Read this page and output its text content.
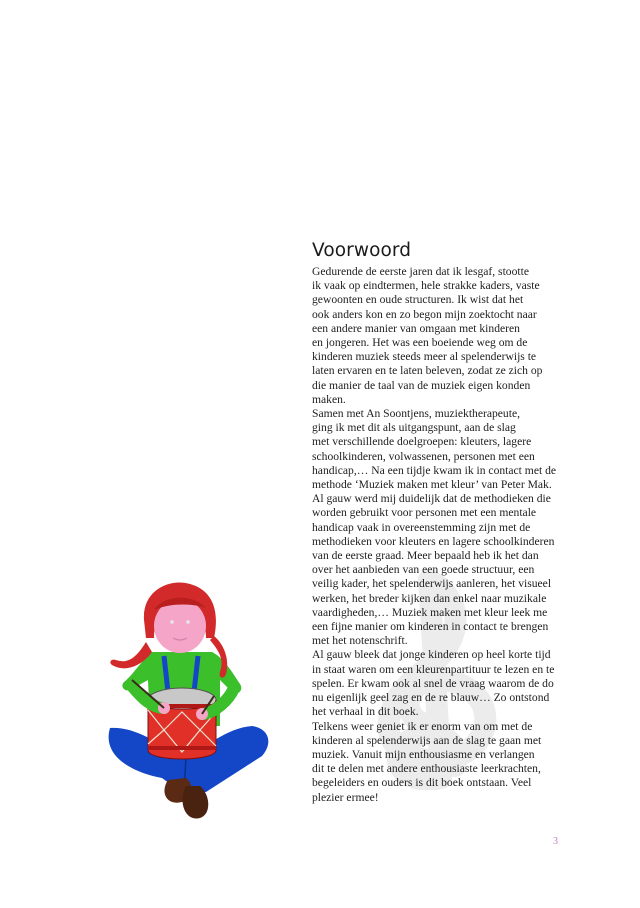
Voorwoord
Gedurende de eerste jaren dat ik lesgaf, stootte
ik vaak op eindtermen, hele strakke kaders, vaste
gewoonten en oude structuren. Ik wist dat het
ook anders kon en zo begon mijn zoektocht naar
een andere manier van omgaan met kinderen
en jongeren. Het was een boeiende weg om de
kinderen muziek steeds meer al spelenderwijs te
laten ervaren en te laten beleven, zodat ze zich op
die manier de taal van de muziek eigen konden
maken.
Samen met An Soontjens, muziektherapeute,
ging ik met dit als uitgangspunt, aan de slag
met verschillende doelgroepen: kleuters, lagere
schoolkinderen, volwassenen, personen met een
handicap,… Na een tijdje kwam ik in contact met de
methode ‘Muziek maken met kleur’ van Peter Mak.
Al gauw werd mij duidelijk dat de methodieken die
worden gebruikt voor personen met een mentale
handicap vaak in overeenstemming zijn met de
methodieken voor kleuters en lagere schoolkinderen
van de eerste graad. Meer bepaald heb ik het dan
over het aanbieden van een goede structuur, een
veilig kader, het spelenderwijs aanleren, het visueel
werken, het breder kijken dan enkel naar muzikale
vaardigheden,… Muziek maken met kleur leek me
een fijne manier om kinderen in contact te brengen
met het notenschrift.
Al gauw bleek dat jonge kinderen op heel korte tijd
in staat waren om een kleurenpartituur te lezen en te
spelen. Er kwam ook al snel de vraag waarom de do
nu eigenlijk geel zag en de re blauw… Zo ontstond
het verhaal in dit boek.
Telkens weer geniet ik er enorm van om met de
kinderen al spelenderwijs aan de slag te gaan met
muziek. Vanuit mijn enthousiasme en verlangen
dit te delen met andere enthousiaste leerkrachten,
begeleiders en ouders is dit boek ontstaan. Veel
plezier ermee!
3
